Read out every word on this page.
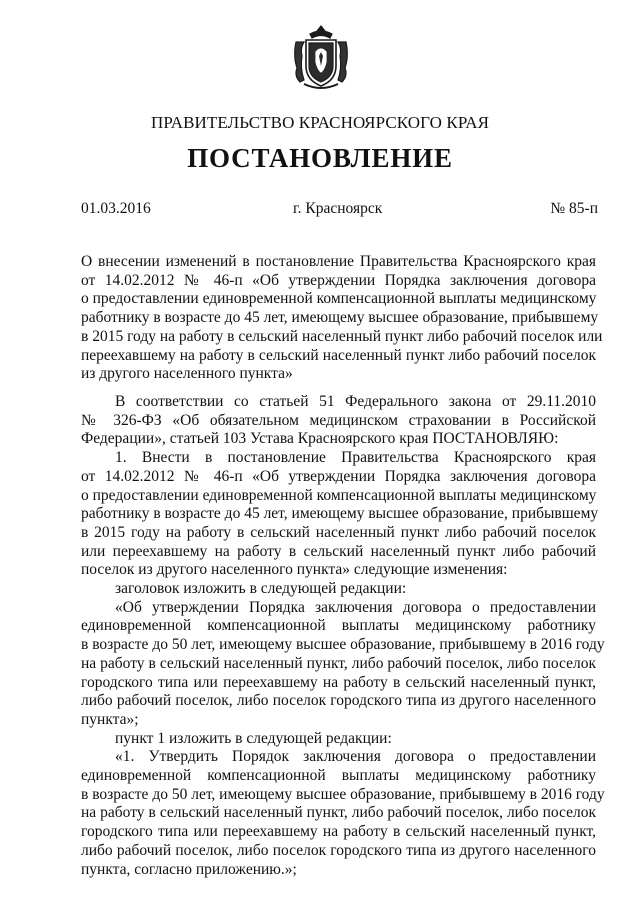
ПРАВИТЕЛЬСТВО КРАСНОЯРСКОГО КРАЯ
ПОСТАНОВЛЕНИЕ
01.03.2016	г. Красноярск	№ 85-п
О внесении изменений в постановление Правительства Красноярского края
от 14.02.2012 № 46-п «Об утверждении Порядка заключения договора
о предоставлении единовременной компенсационной выплаты медицинскому
работнику в возрасте до 45 лет, имеющему высшее образование, прибывшему
в 2015 году на работу в сельский населенный пункт либо рабочий поселок или
переехавшему на работу в сельский населенный пункт либо рабочий поселок
из другого населенного пункта»
В соответствии со статьей 51 Федерального закона от 29.11.2010
№ 326-ФЗ «Об обязательном медицинском страховании в Российской
Федерации», статьей 103 Устава Красноярского края ПОСТАНОВЛЯЮ:
1. Внести в постановление Правительства Красноярского края
от 14.02.2012 № 46-п «Об утверждении Порядка заключения договора
о предоставлении единовременной компенсационной выплаты медицинскому
работнику в возрасте до 45 лет, имеющему высшее образование, прибывшему
в 2015 году на работу в сельский населенный пункт либо рабочий поселок
или переехавшему на работу в сельский населенный пункт либо рабочий
поселок из другого населенного пункта» следующие изменения:
заголовок изложить в следующей редакции:
«Об утверждении Порядка заключения договора о предоставлении
единовременной компенсационной выплаты медицинскому работнику
в возрасте до 50 лет, имеющему высшее образование, прибывшему в 2016 году
на работу в сельский населенный пункт, либо рабочий поселок, либо поселок
городского типа или переехавшему на работу в сельский населенный пункт,
либо рабочий поселок, либо поселок городского типа из другого населенного
пункта»;
пункт 1 изложить в следующей редакции:
«1. Утвердить Порядок заключения договора о предоставлении
единовременной компенсационной выплаты медицинскому работнику
в возрасте до 50 лет, имеющему высшее образование, прибывшему в 2016 году
на работу в сельский населенный пункт, либо рабочий поселок, либо поселок
городского типа или переехавшему на работу в сельский населенный пункт,
либо рабочий поселок, либо поселок городского типа из другого населенного
пункта, согласно приложению.»;
